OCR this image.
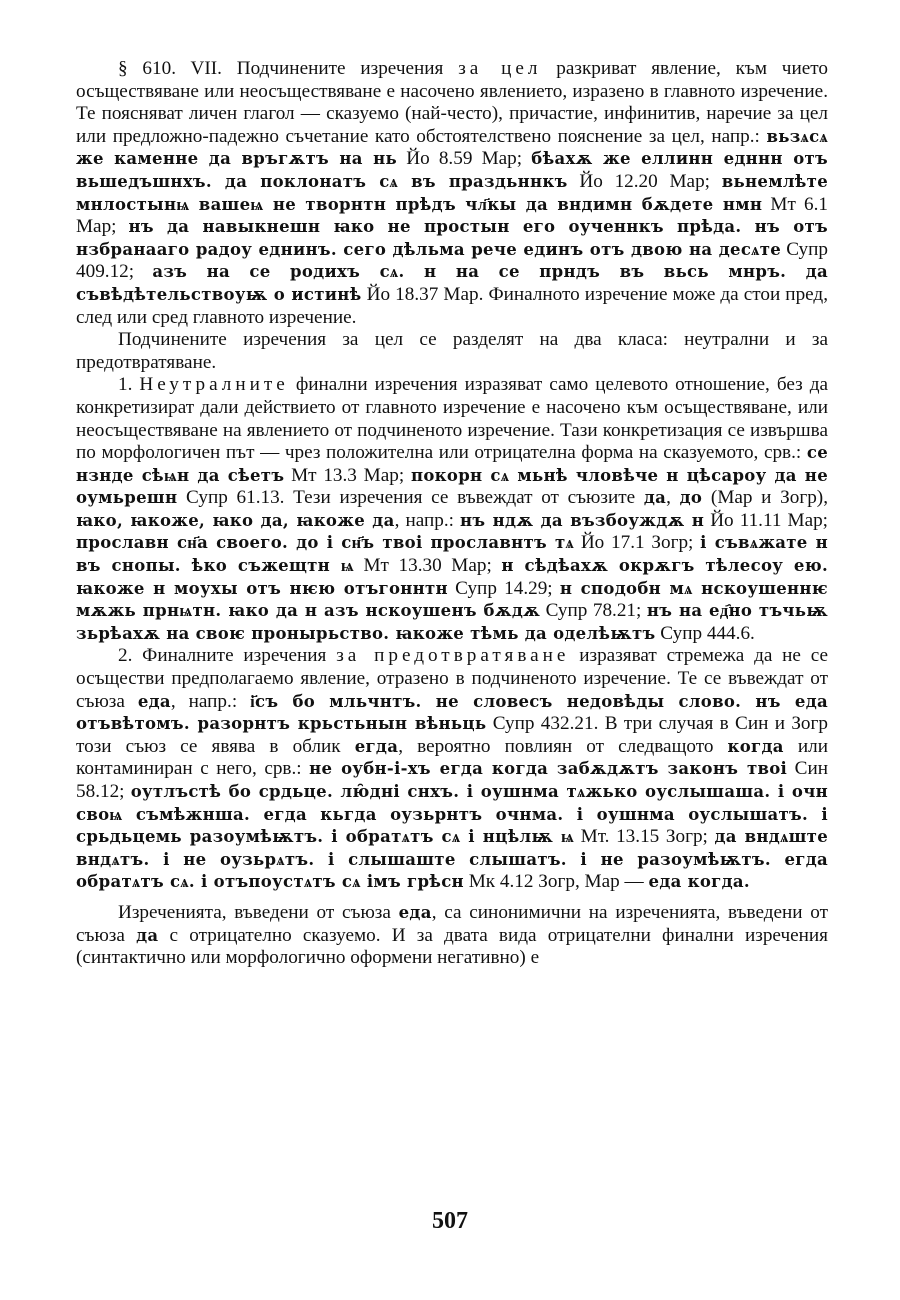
§ 610. VII. Подчинените изречения за цел разкриват явление, към чието осъществяване или неосъществяване е насочено явлението, изразено в главното изречение. Те поясняват личен глагол — сказуемо (най-често), причастие, инфинитив, наречие за цел или предложно-падежно съчетание като обстоятелствено пояснение за цел, напр.: вьзѧсѧ же каменне да връгѫтъ на нь Йо 8.59 Мар; бѣахѫ же еллинн едннн отъ вьшедъшнхъ. да поклонатъ сѧ въ праздьннкъ Йо 12.20 Мар; вьнемлѣте мнлостынѩ вашеѩ не творнтн прѣдъ чл҃кы да вндимн бѫдете нмн Мт 6.1 Мар; нъ да навыкнешн ꙗко не простын его оученнкъ прѣда. нъ отъ нзбранааго радоу еднинъ. сего дѣльма рече единъ отъ двою на десѧте Супр 409.12; азъ на се родихъ сѧ. н на се прндъ въ вьсь мнръ. да съвѣдѣтельствоуѭ о истинѣ Йо 18.37 Мар. Финалното изречение може да стои пред, след или сред главното изречение.

Подчинените изречения за цел се разделят на два класа: неутрални и за предотвратяване.

1. Неутралните финални изречения изразяват само целевото отношение, без да конкретизират дали действието от главното изречение е насочено към осъществяване, или неосъществяване на явлението от подчиненото изречение. Тази конкретизация се извършва по морфологичен път — чрез положителна или отрицателна форма на сказуемото, срв.: се нзнде сѣѩн да сѣетъ Мт 13.3 Мар; покорн сѧ мьнѣ чловѣче н цѣсароу да не оумьрешн Супр 61.13. Тези изречения се въвеждат от съюзите да, до (Мар и Зогр), ꙗко, ꙗкоже, ꙗко да, ꙗкоже да, напр.: нъ ндѫ да възбоуждѫ н Йо 11.11 Мар; прославн сн҃а своего. до і сн҃ъ твоі прославнтъ тѧ Йо 17.1 Зогр; і съвѧжате н въ снопы. ѣко съжещтн ѩ Мт 13.30 Мар; н сѣдѣахѫ окрѫгъ тѣлесоу ею. ꙗкоже н моухы отъ нѥю отъгоннтн Супр 14.29; н сподобн мѧ нскоушеннѥ мѫжь прнѩтн. ꙗко да н азъ нскоушенъ бѫдѫ Супр 78.21; нъ на ед҄но тъчьѭ зьрѣахѫ на своѥ пронырьство. ꙗкоже тѣмь да оделѣѭтъ Супр 444.6.

2. Финалните изречения за предотвратяване изразяват стремежа да не се осъществи предполагаемо явление, отразено в подчиненото изречение. Те се въвеждат от съюза еда, напр.: і҃съ бо мльчнтъ. не словесъ недовѣды слово. нъ еда отъвѣтомъ. разорнтъ крьстьнын вѣньць Супр 432.21. В три случая в Син и Зогр този съюз се явява в облик егда, вероятно повлиян от следващото когда или контаминиран с него, срв.: не оубн-і-хъ егда когда забѫдѫтъ законъ твоі Син 58.12; оутлъстѣ бо срдьце. лю̑дні снхъ. і оушнма тѧжько оуслышаша. і очн своѩ съмѣжнша. егда кьгда оузьрнтъ очнма. і оушнма оуслышатъ. і срьдьцемь разоумѣѭтъ. і обратѧтъ сѧ і нцѣлѭ ѩ Мт. 13.15 Зогр; да вндѧште вндѧтъ. і не оузьрѧтъ. і слышаште слышатъ. і не разоумѣѭтъ. егда обратѧтъ сѧ. і отъпоустѧтъ сѧ імъ грѣсн Мк 4.12 Зогр, Мар — еда когда.

Изреченията, въведени от съюза еда, са синонимични на изреченията, въведени от съюза да с отрицателно сказуемо. И за двата вида отрицателни финални изречения (синтактично или морфологично оформени негативно) е

507
